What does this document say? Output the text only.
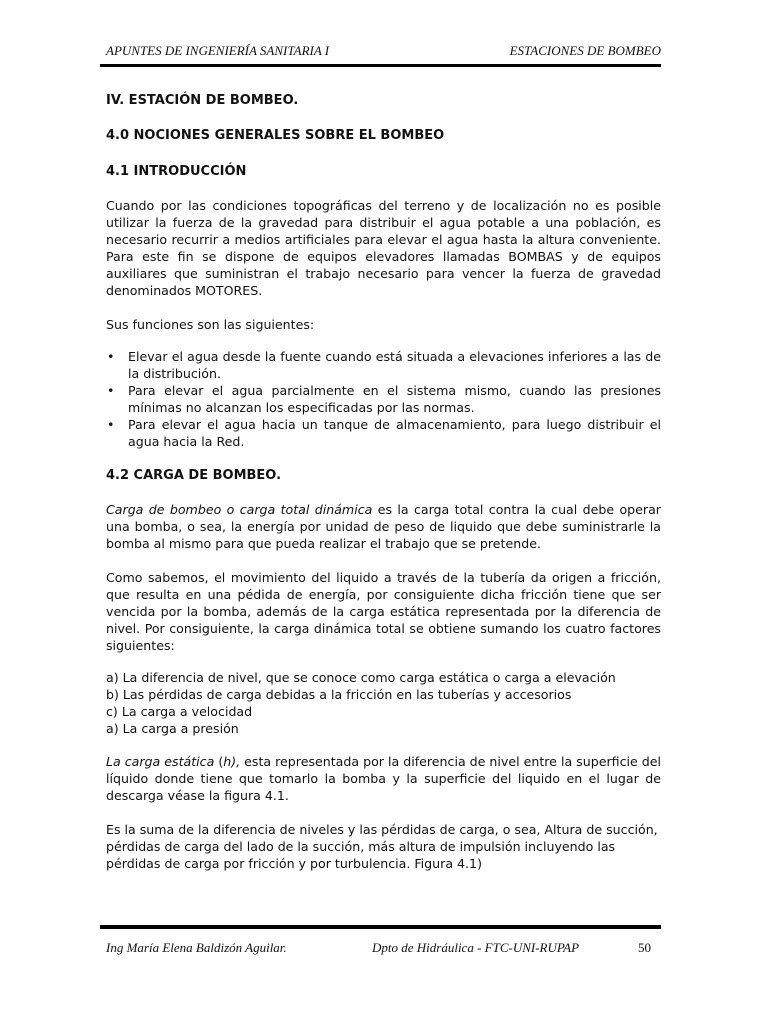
APUNTES DE INGENIERÍA SANITARIA I	ESTACIONES DE BOMBEO

IV. ESTACIÓN DE BOMBEO.

4.0 NOCIONES GENERALES SOBRE EL BOMBEO

4.1 INTRODUCCIÓN

Cuando por las condiciones topográficas del terreno y de localización no es posible utilizar la fuerza de la gravedad para distribuir el agua potable a una población, es necesario recurrir a medios artificiales para elevar el agua hasta la altura conveniente. Para este fin se dispone de equipos elevadores llamadas BOMBAS y de equipos auxiliares que suministran el trabajo necesario para vencer la fuerza de gravedad denominados MOTORES.

Sus funciones son las siguientes:

• Elevar el agua desde la fuente cuando está situada a elevaciones inferiores a las de la distribución.
• Para elevar el agua parcialmente en el sistema mismo, cuando las presiones mínimas no alcanzan los especificadas por las normas.
• Para elevar el agua hacia un tanque de almacenamiento, para luego distribuir el agua hacia la Red.

4.2 CARGA DE BOMBEO.

Carga de bombeo o carga total dinámica es la carga total contra la cual debe operar una bomba, o sea, la energía por unidad de peso de liquido que debe suministrarle la bomba al mismo para que pueda realizar el trabajo que se pretende.

Como sabemos, el movimiento del liquido a través de la tubería da origen a fricción, que resulta en una pédida de energía, por consiguiente dicha fricción tiene que ser vencida por la bomba, además de la carga estática representada por la diferencia de nivel. Por consiguiente, la carga dinámica total se obtiene sumando los cuatro factores siguientes:

a) La diferencia de nivel, que se conoce como carga estática o carga a elevación
b) Las pérdidas de carga debidas a la fricción en las tuberías y accesorios
c) La carga a velocidad
a) La carga a presión

La carga estática (h), esta representada por la diferencia de nivel entre la superficie del líquido donde tiene que tomarlo la bomba y la superficie del liquido en el lugar de descarga véase la figura 4.1.

Es la suma de la diferencia de niveles y las pérdidas de carga, o sea, Altura de succión, pérdidas de carga del lado de la succión, más altura de impulsión incluyendo las pérdidas de carga por fricción y por turbulencia. Figura 4.1)

Ing María Elena Baldizón Aguilar.	Dpto de Hidráulica - FTC-UNI-RUPAP	50
